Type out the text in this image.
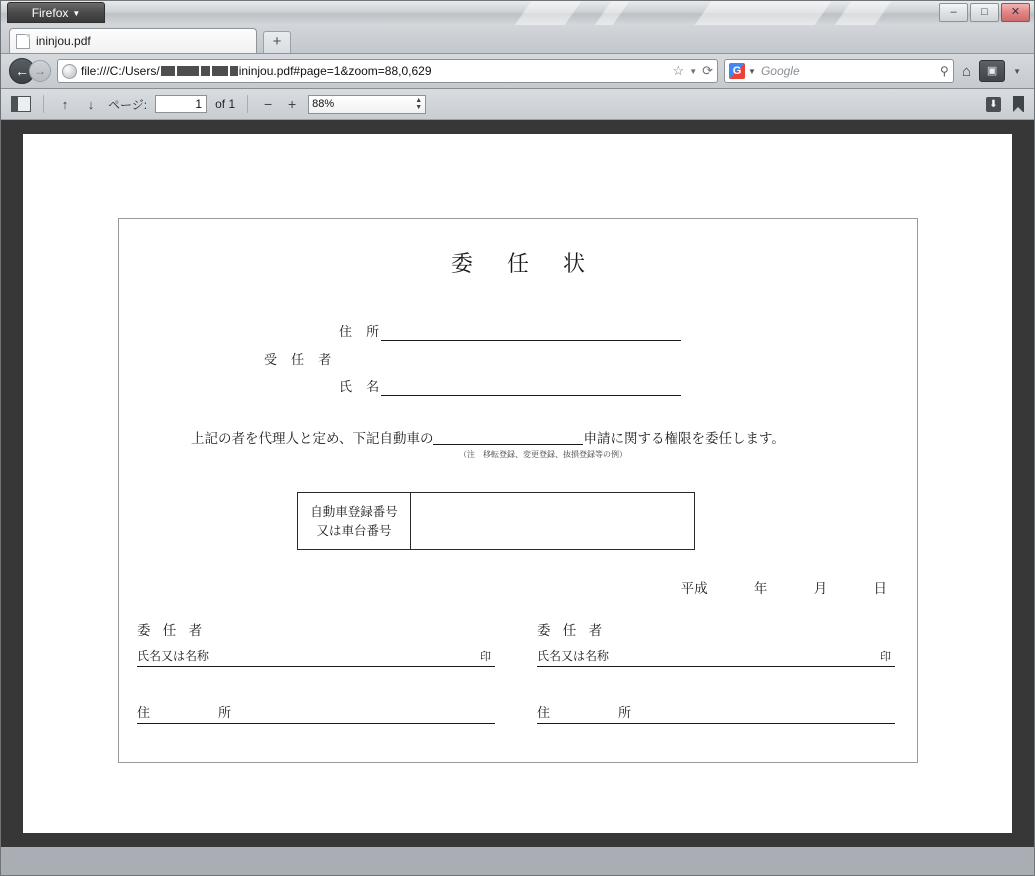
Firefox ▼	–	□	✕
ininjou.pdf	+
← →	file:///C:/Users/	ininjou.pdf#page=1&zoom=88,0,629	☆ ▼ ⟳	G ▼ Google	⚲ ⌂	▣	▼
↑	↓	ページ:	1	of 1 − +	88%	▲
▼	⬇
委任状
受 任 者
住 所
氏 名
上記の者を代理人と定め、下記自動車の	申請に関する権限を委任します。
（注　移転登録、変更登録、抜損登録等の例）
自動車登録番号
又は車台番号
平成	年	月	日
委 任 者
氏名又は名称	印
住　　所
委 任 者
氏名又は名称	印
住　　所
